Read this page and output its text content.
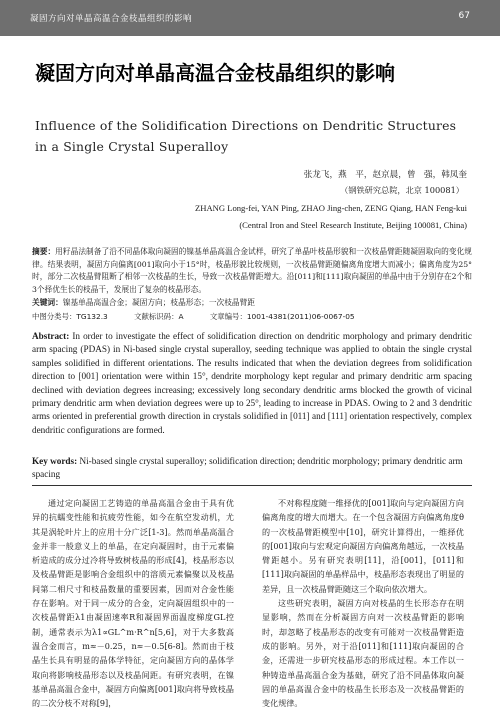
凝固方向对单晶高温合金枝晶组织的影响	67
凝固方向对单晶高温合金枝晶组织的影响
Influence of the Solidification Directions on Dendritic Structures in a Single Crystal Superalloy
张龙飞，燕　平，赵京晨，曾　强，韩凤奎
（钢铁研究总院，北京 100081）
ZHANG Long-fei, YAN Ping, ZHAO Jing-chen, ZENG Qiang, HAN Feng-kui
(Central Iron and Steel Research Institute, Beijing 100081, China)
摘要：用籽晶法制备了沿不同晶体取向凝固的镍基单晶高温合金试样，研究了单晶叶枝晶形貌和一次枝晶臂距随凝固取向的变化规律。结果表明，凝固方向偏离[001]取向小于15°时，枝晶形貌比较规则，一次枝晶臂距随偏离角度增大而减小；偏离角度为25°时，部分二次枝晶臂阻断了相邻一次枝晶的生长，导致一次枝晶臂距增大。沿[011]和[111]取向凝固的单晶中由于分别存在2个和3个择优生长的枝晶干，发展出了复杂的枝晶形态。
关键词：镍基单晶高温合金；凝固方向；枝晶形态；一次枝晶臂距
中图分类号：TG132.3	文献标识码：A	文章编号：1001-4381(2011)06-0067-05
Abstract: In order to investigate the effect of solidification direction on dendritic morphology and primary dendritic arm spacing (PDAS) in Ni-based single crystal superalloy, seeding technique was applied to obtain the single crystal samples solidified in different orientations. The results indicated that when the deviation degrees from solidification direction to [001] orientation were within 15°, dendrite morphology kept regular and primary dendritic arm spacing declined with deviation degrees increasing; excessively long secondary dendritic arms blocked the growth of vicinal primary dendritic arm when deviation degrees were up to 25°, leading to increase in PDAS. Owing to 2 and 3 dendritic arms oriented in preferential growth direction in crystals solidified in [011] and [111] orientation respectively, complex dendritic configurations are formed.
Key words: Ni-based single crystal superalloy; solidification direction; dendritic morphology; primary dendritic arm spacing
通过定向凝固工艺铸造的单晶高温合金由于具有优异的抗蠕变性能和抗疲劳性能，如今在航空发动机，尤其是涡轮叶片上的应用十分广泛[1-3]。然而单晶高温合金并非一般意义上的单晶，在定向凝固时，由于元素偏析造成的成分过冷将导致树枝晶的形成[4]，枝晶形态以及枝晶臂距是影响合金组织中的溶质元素偏聚以及枝晶间第二相尺寸和枝晶数量的重要因素，因而对合金性能存在影响。对于同一成分的合金，定向凝固组织中的一次枝晶臂距λ1由凝固速率R和凝固界面温度梯度GL控制，通常表示为λ1∝GL^m·R^n[5,6]，对于大多数高温合金而言，m≈－0.25，n≈－0.5[6-8]。然而由于枝晶生长具有明显的晶体学特征，定向凝固方向的晶体学取向将影响枝晶形态以及枝晶间距。有研究表明，在镍基单晶高温合金中，凝固方向偏离[001]取向将导致枝晶的二次分枝不对称[9]，

不对称程度随一维择优的[001]取向与定向凝固方向偏离角度的增大而增大。在一个包含凝固方向偏离角度θ的一次枝晶臂距模型中[10]，研究计算得出，一维择优的[001]取向与宏观定向凝固方向偏离角越远，一次枝晶臂距越小。另有研究表明[11]，沿[001]，[011]和[111]取向凝固的单晶样品中，枝晶形态表现出了明显的差异，且一次枝晶臂距随这三个取向依次增大。

这些研究表明，凝固方向对枝晶的生长形态存在明显影响，然而在分析凝固方向对一次枝晶臂距的影响时，却忽略了枝晶形态的改变有可能对一次枝晶臂距造成的影响。另外，对于沿[011]和[111]取向凝固的合金，还需进一步研究枝晶形态的形成过程。本工作以一种铸造单晶高温合金为基础，研究了沿不同晶体取向凝固的单晶高温合金中的枝晶生长形态及一次枝晶臂距的变化规律。
